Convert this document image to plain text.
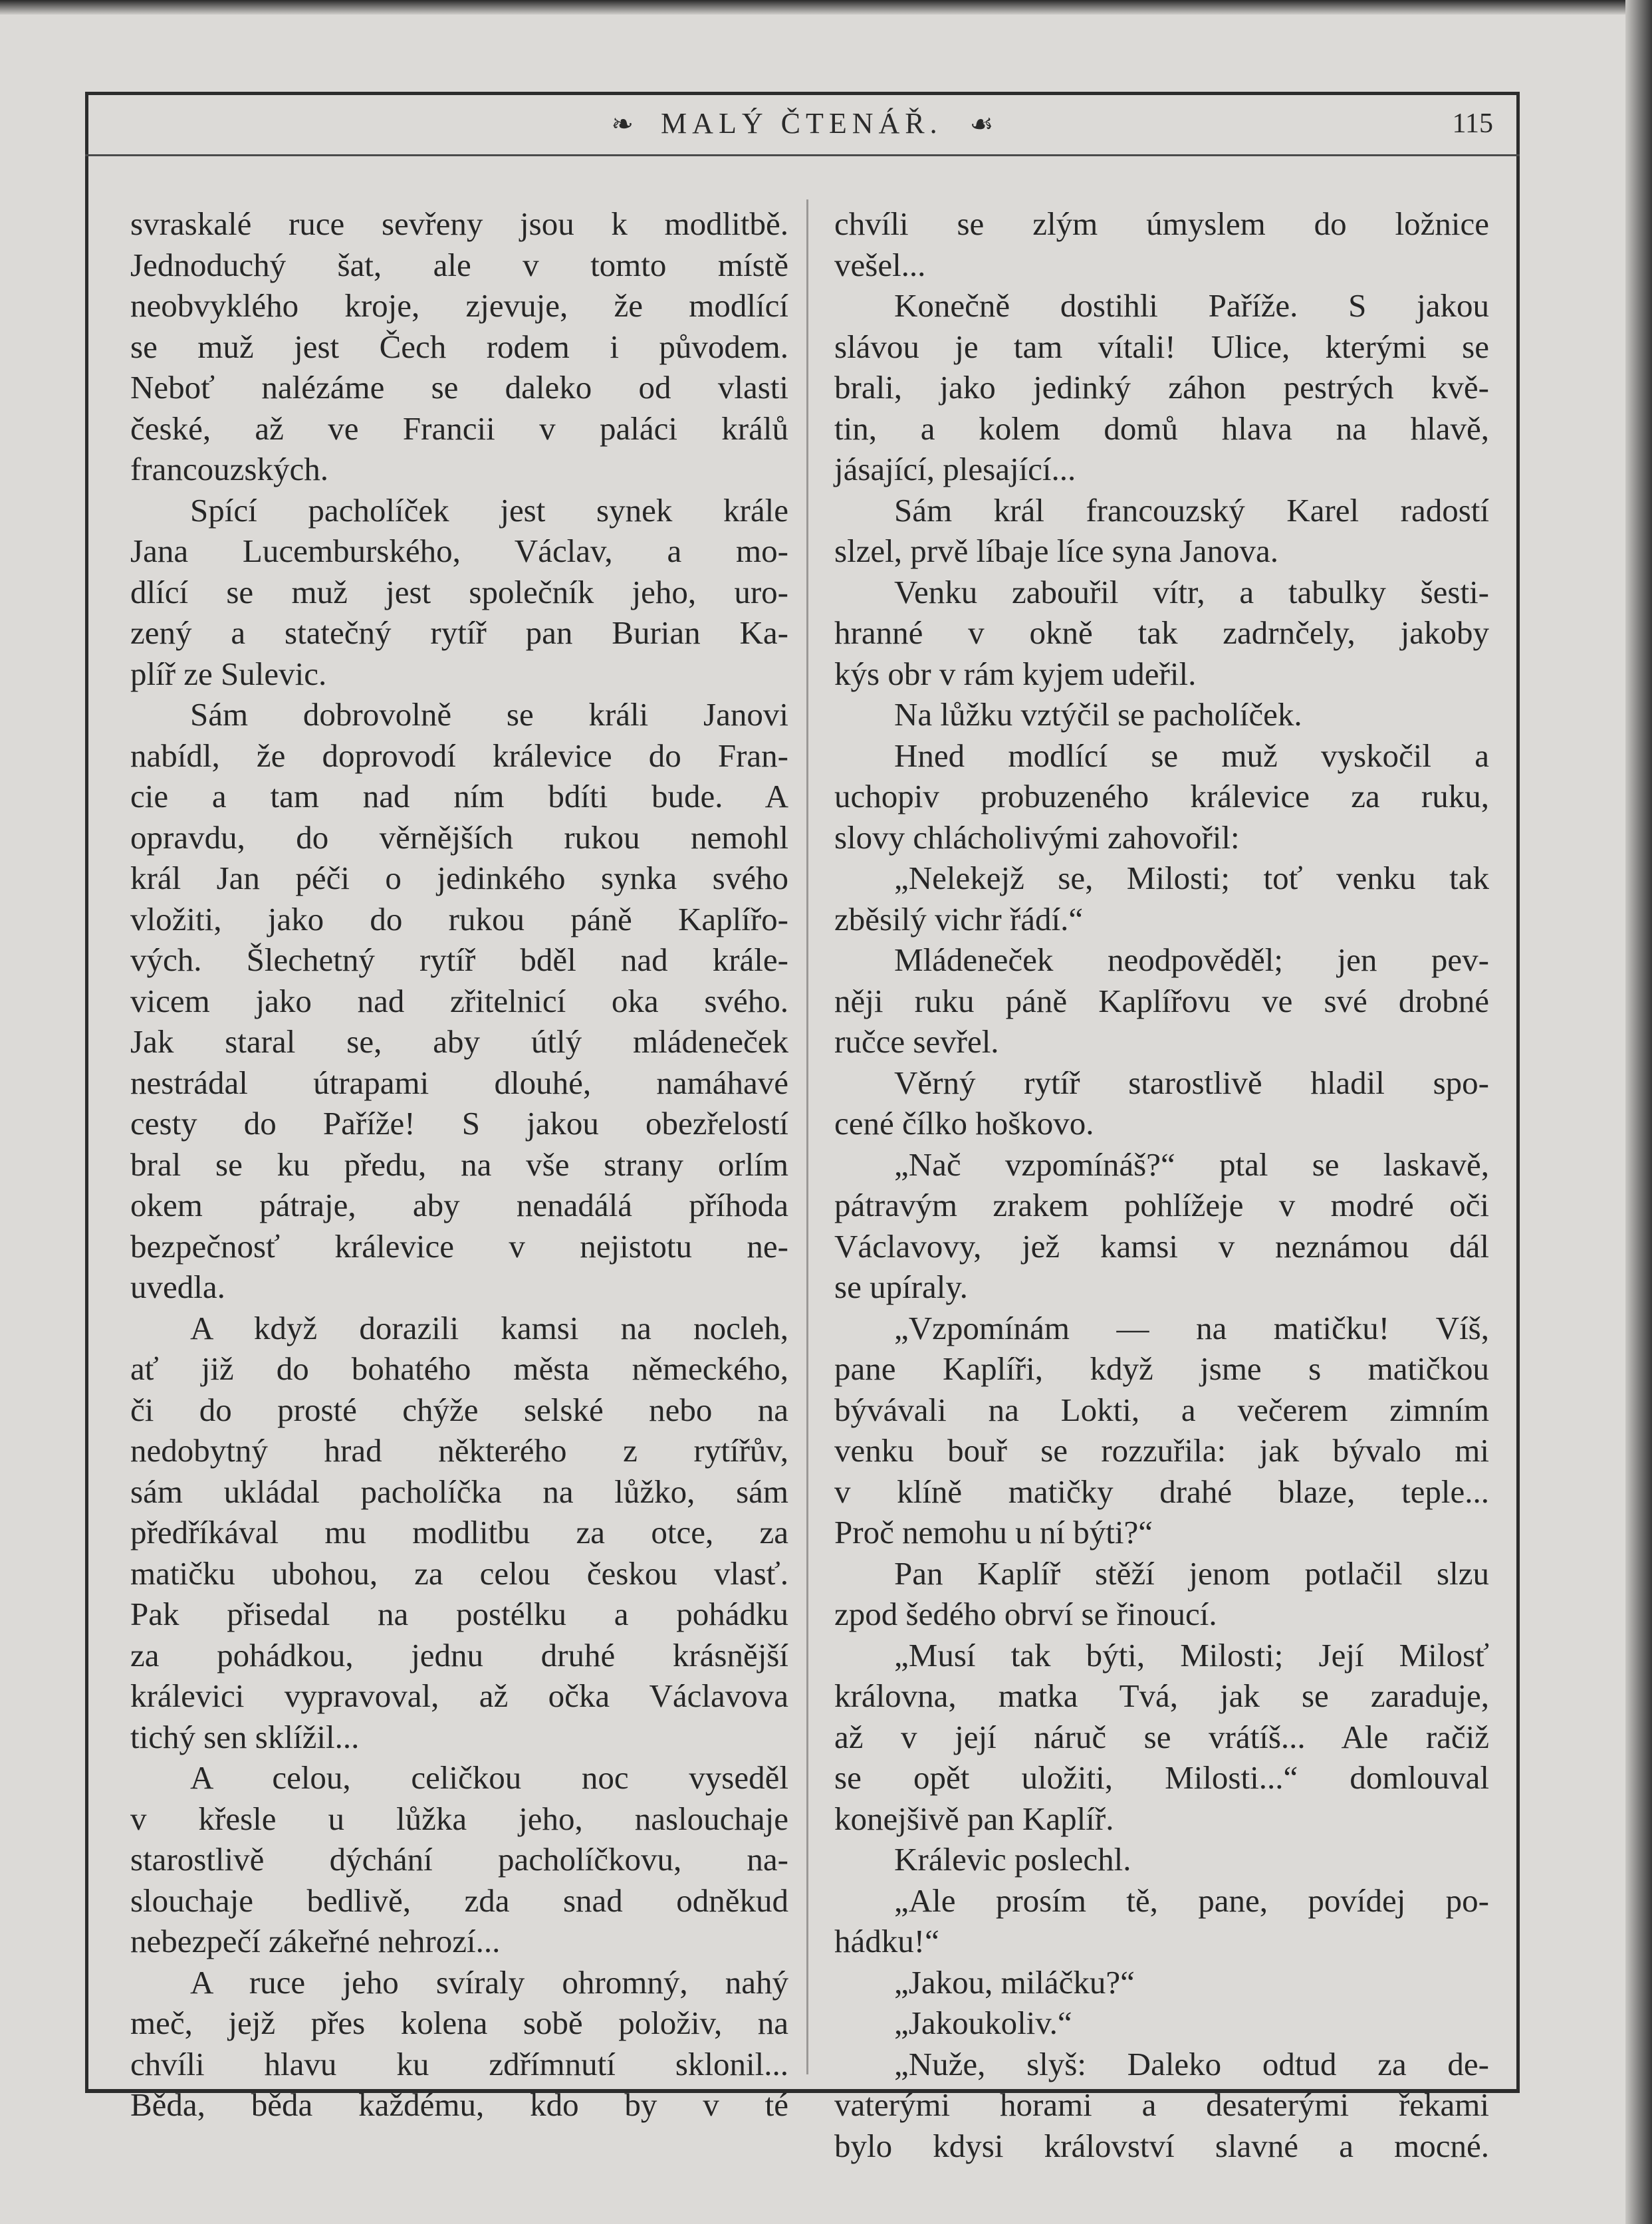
❧ MALÝ ČTENÁŘ. ☙	115
svraskalé ruce sevřeny jsou k modlitbě.
Jednoduchý šat, ale v tomto místě
neobvyklého kroje, zjevuje, že modlící
se muž jest Čech rodem i původem.
Neboť nalézáme se daleko od vlasti
české, až ve Francii v paláci králů
francouzských.
Spící pacholíček jest synek krále
Jana Lucemburského, Václav, a mo-
dlící se muž jest společník jeho, uro-
zený a statečný rytíř pan Burian Ka-
plíř ze Sulevic.
Sám dobrovolně se králi Janovi
nabídl, že doprovodí králevice do Fran-
cie a tam nad ním bdíti bude. A
opravdu, do věrnějších rukou nemohl
král Jan péči o jedinkého synka svého
vložiti, jako do rukou páně Kaplířo-
vých. Šlechetný rytíř bděl nad krále-
vicem jako nad zřitelnicí oka svého.
Jak staral se, aby útlý mládeneček
nestrádal útrapami dlouhé, namáhavé
cesty do Paříže! S jakou obezřelostí
bral se ku předu, na vše strany orlím
okem pátraje, aby nenadálá příhoda
bezpečnosť králevice v nejistotu ne-
uvedla.
A když dorazili kamsi na nocleh,
ať již do bohatého města německého,
či do prosté chýže selské nebo na
nedobytný hrad některého z rytířův,
sám ukládal pacholíčka na lůžko, sám
předříkával mu modlitbu za otce, za
matičku ubohou, za celou českou vlasť.
Pak přisedal na postélku a pohádku
za pohádkou, jednu druhé krásnější
králevici vypravoval, až očka Václavova
tichý sen sklížil...
A celou, celičkou noc vyseděl
v křesle u lůžka jeho, naslouchaje
starostlivě dýchání pacholíčkovu, na-
slouchaje bedlivě, zda snad odněkud
nebezpečí zákeřné nehrozí...
A ruce jeho svíraly ohromný, nahý
meč, jejž přes kolena sobě položiv, na
chvíli hlavu ku zdřímnutí sklonil...
Běda, běda každému, kdo by v té
chvíli se zlým úmyslem do ložnice
vešel...
Konečně dostihli Paříže. S jakou
slávou je tam vítali! Ulice, kterými se
brali, jako jedinký záhon pestrých kvě-
tin, a kolem domů hlava na hlavě,
jásající, plesající...
Sám král francouzský Karel radostí
slzel, prvě líbaje líce syna Janova.
Venku zabouřil vítr, a tabulky šesti-
hranné v okně tak zadrnčely, jakoby
kýs obr v rám kyjem udeřil.
Na lůžku vztýčil se pacholíček.
Hned modlící se muž vyskočil a
uchopiv probuzeného králevice za ruku,
slovy chlácholivými zahovořil:
„Nelekejž se, Milosti; toť venku tak
zběsilý vichr řádí.“
Mládeneček neodpověděl; jen pev-
něji ruku páně Kaplířovu ve své drobné
ručce sevřel.
Věrný rytíř starostlivě hladil spo-
cené čílko hoškovo.
„Nač vzpomínáš?“ ptal se laskavě,
pátravým zrakem pohlížeje v modré oči
Václavovy, jež kamsi v neznámou dál
se upíraly.
„Vzpomínám — na matičku! Víš,
pane Kaplíři, když jsme s matičkou
bývávali na Lokti, a večerem zimním
venku bouř se rozzuřila: jak bývalo mi
v klíně matičky drahé blaze, teple...
Proč nemohu u ní býti?“
Pan Kaplíř stěží jenom potlačil slzu
zpod šedého obrví se řinoucí.
„Musí tak býti, Milosti; Její Milosť
královna, matka Tvá, jak se zaraduje,
až v její náruč se vrátíš... Ale račiž
se opět uložiti, Milosti...“ domlouval
konejšivě pan Kaplíř.
Králevic poslechl.
„Ale prosím tě, pane, povídej po-
hádku!“
„Jakou, miláčku?“
„Jakoukoliv.“
„Nuže, slyš: Daleko odtud za de-
vaterými horami a desaterými řekami
bylo kdysi království slavné a mocné.
